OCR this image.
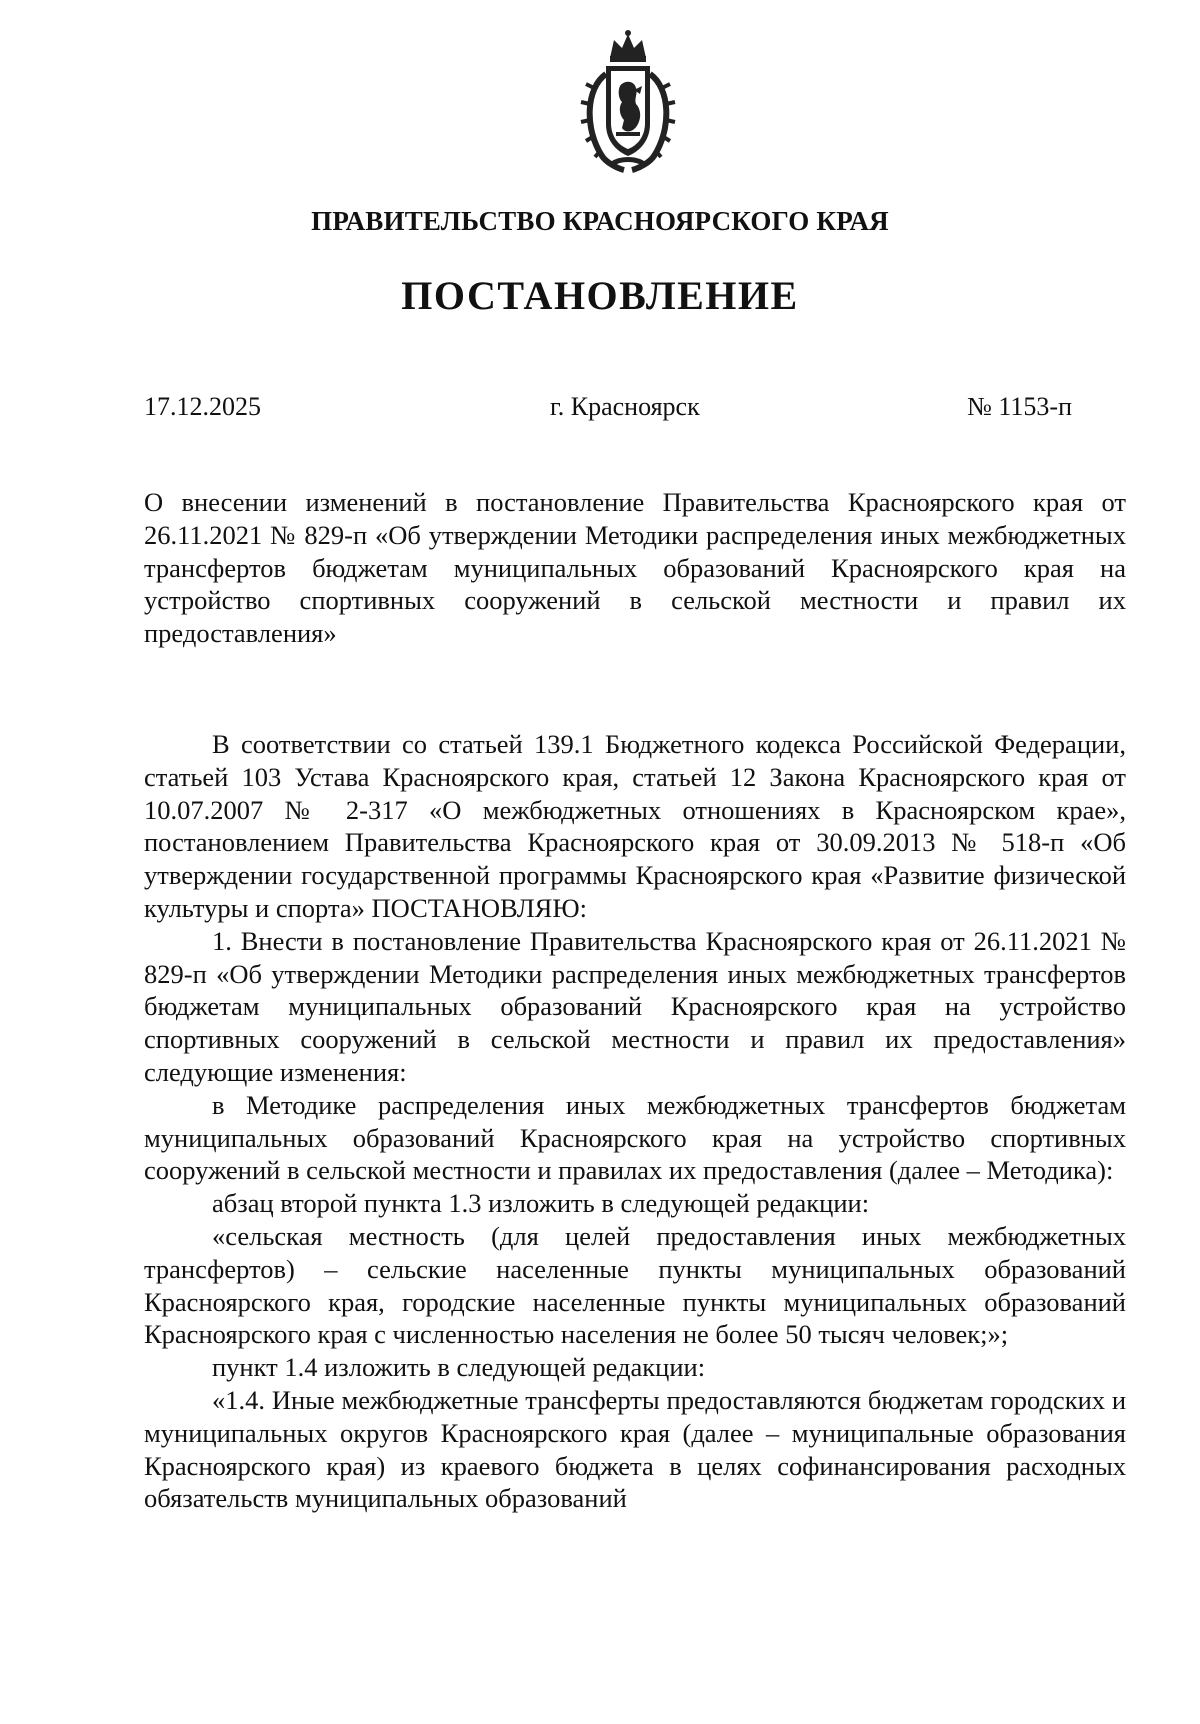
ПРАВИТЕЛЬСТВО КРАСНОЯРСКОГО КРАЯ
ПОСТАНОВЛЕНИЕ
17.12.2025	г. Красноярск	№ 1153-п

О внесении изменений в постановление Правительства Красноярского края от 26.11.2021 № 829-п «Об утверждении Методики распределения иных межбюджетных трансфертов бюджетам муниципальных образований Красноярского края на устройство спортивных сооружений в сельской местности и правил их предоставления»

В соответствии со статьей 139.1 Бюджетного кодекса Российской Федерации, статьей 103 Устава Красноярского края, статьей 12 Закона Красноярского края от 10.07.2007 № 2-317 «О межбюджетных отношениях в Красноярском крае», постановлением Правительства Красноярского края от 30.09.2013 № 518-п «Об утверждении государственной программы Красноярского края «Развитие физической культуры и спорта» ПОСТАНОВЛЯЮ:

1. Внести в постановление Правительства Красноярского края от 26.11.2021 № 829-п «Об утверждении Методики распределения иных межбюджетных трансфертов бюджетам муниципальных образований Красноярского края на устройство спортивных сооружений в сельской местности и правил их предоставления» следующие изменения:

в Методике распределения иных межбюджетных трансфертов бюджетам муниципальных образований Красноярского края на устройство спортивных сооружений в сельской местности и правилах их предоставления (далее – Методика):

абзац второй пункта 1.3 изложить в следующей редакции:

«сельская местность (для целей предоставления иных межбюджетных трансфертов) – сельские населенные пункты муниципальных образований Красноярского края, городские населенные пункты муниципальных образований Красноярского края с численностью населения не более 50 тысяч человек;»;

пункт 1.4 изложить в следующей редакции:

«1.4. Иные межбюджетные трансферты предоставляются бюджетам городских и муниципальных округов Красноярского края (далее – муниципальные образования Красноярского края) из краевого бюджета в целях софинансирования расходных обязательств муниципальных образований
